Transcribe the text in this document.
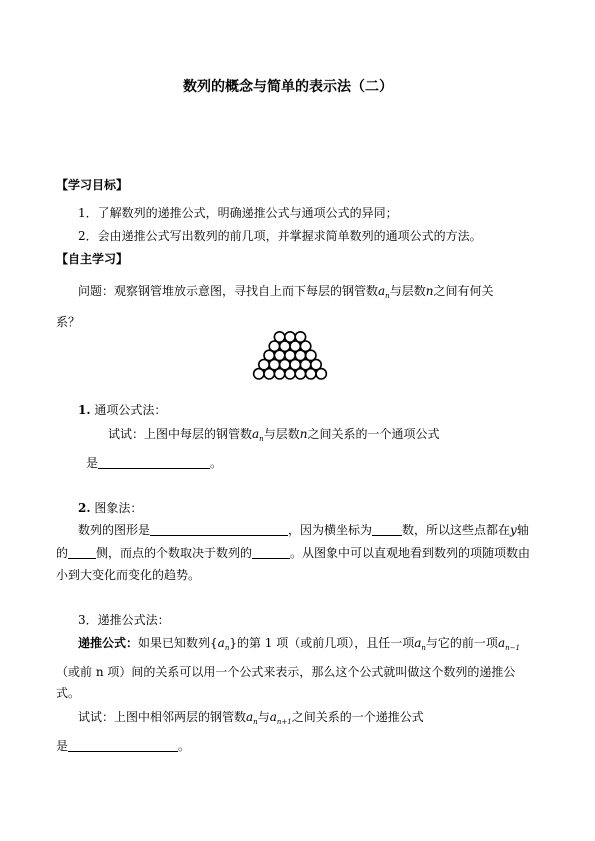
数列的概念与简单的表示法（二）
【学习目标】
1．了解数列的递推公式，明确递推公式与通项公式的异同；
2．会由递推公式写出数列的前几项，并掌握求简单数列的通项公式的方法。
【自主学习】
问题：观察钢管堆放示意图，寻找自上而下每层的钢管数$a_n$与层数n之间有何关
系？
1. 通项公式法：
试试：上图中每层的钢管数$a_n$与层数n之间关系的一个通项公式
是	。
2. 图象法：
数列的图形是	，因为横坐标为	数，所以这些点都在y轴
的 侧，而点的个数取决于数列的	。从图象中可以直观地看到数列的项随项数由
小到大变化而变化的趋势。
3．递推公式法：
递推公式：如果已知数列$\{a_n\}$的第 1 项（或前几项），且任一项$a_n$与它的前一项$a_{n-1}$
（或前 n 项）间的关系可以用一个公式来表示，那么这个公式就叫做这个数列的递推公
式。
试试：上图中相邻两层的钢管数$a_n$与$a_{n+1}$之间关系的一个递推公式
是	。
